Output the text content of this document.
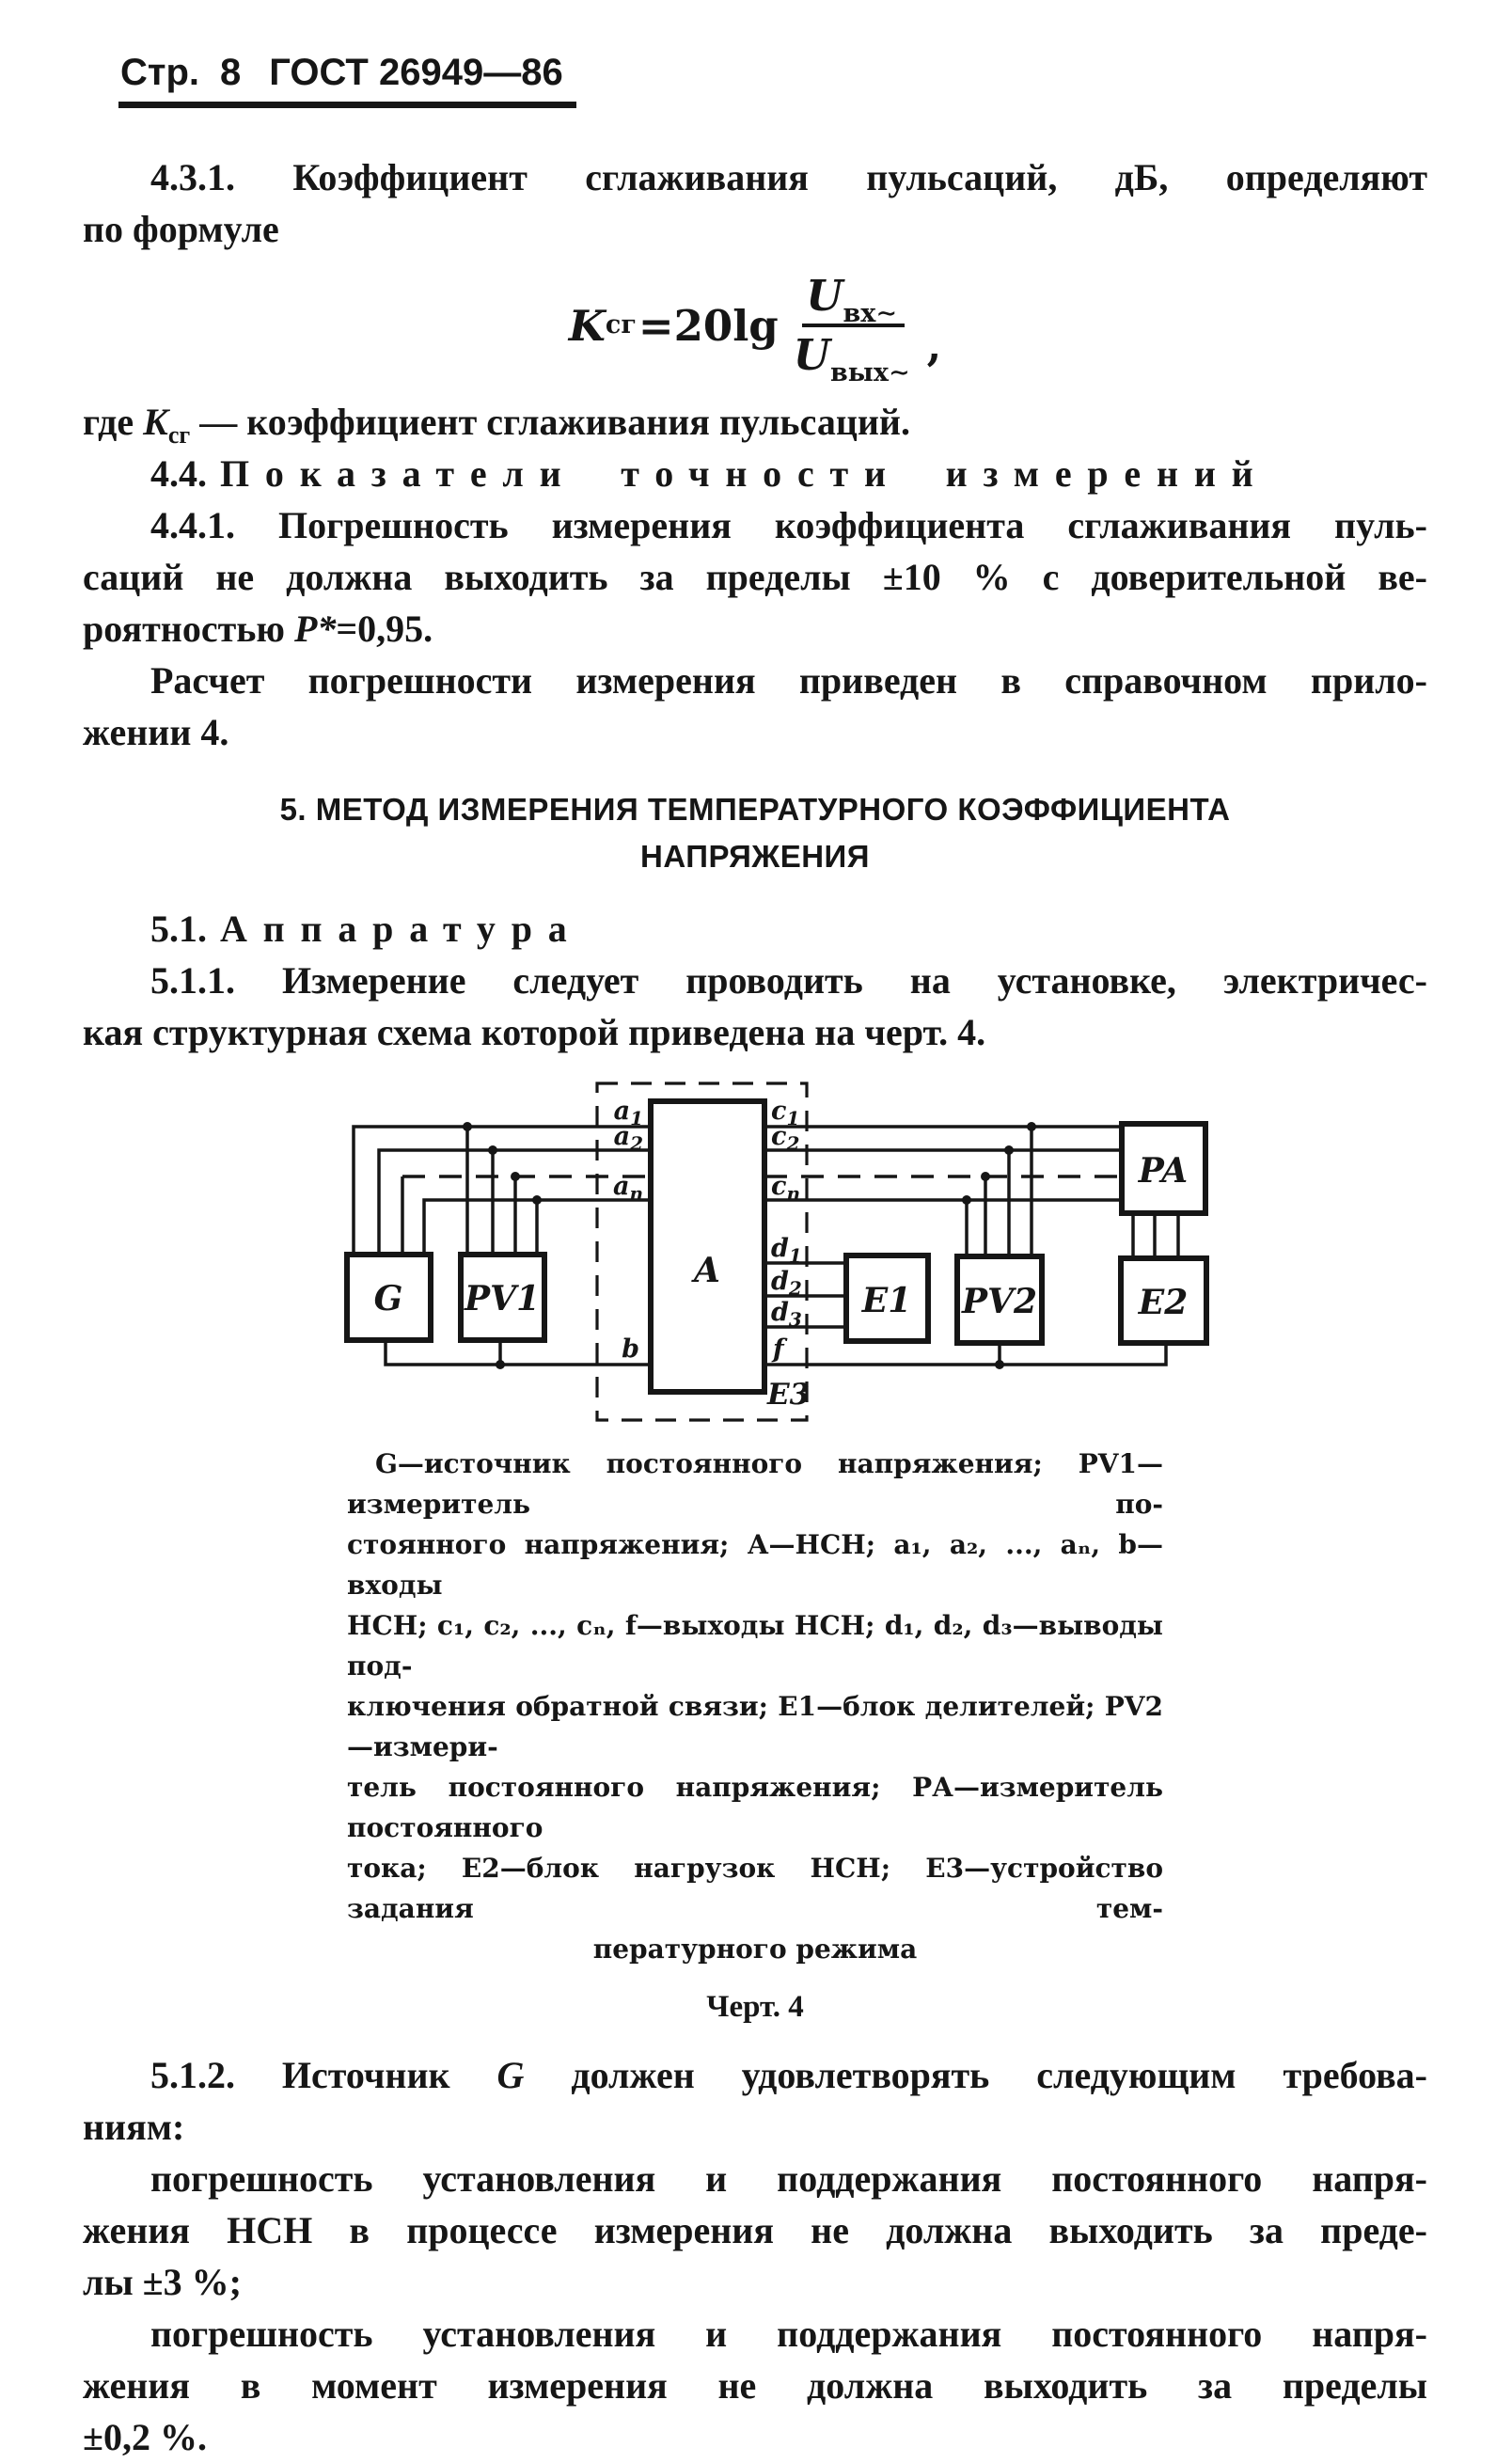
Стр. 8 ГОСТ 26949—86
4.3.1. Коэффициент сглаживания пульсаций, дБ, определяют
по формуле
K сг $=20\lg \frac{U_{вх\sim}}{U_{вых\sim}}$ ,
где $K_{сг}$ — коэффициент сглаживания пульсаций.
4.4. Показатели точности измерений
4.4.1. Погрешность измерения коэффициента сглаживания пуль-
саций не должна выходить за пределы ±10 % с доверительной ве-
роятностью P*=0,95.
Расчет погрешности измерения приведен в справочном прило-
жении 4.
5. МЕТОД ИЗМЕРЕНИЯ ТЕМПЕРАТУРНОГО КОЭФФИЦИЕНТА
НАПРЯЖЕНИЯ
5.1. Аппаратура
5.1.1. Измерение следует проводить на установке, электричес-
кая структурная схема которой приведена на черт. 4.
G PV1
A
E1 PV2	E2
PA
$a_1$
$a_2$
$a_n$
b
$c_1$
$c_2$
$c_n$
$d_1$
$d_2$
$d_3$
f
E3
G—источник постоянного напряжения; PV1—измеритель по-
стоянного напряжения; А—НСН; a₁, a₂, ..., aₙ, b—входы
НСН; c₁, c₂, ..., cₙ, f—выходы НСН; d₁, d₂, d₃—выводы под-
ключения обратной связи; Е1—блок делителей; PV2—измери-
тель постоянного напряжения; РА—измеритель постоянного
тока; Е2—блок нагрузок НСН; Е3—устройство задания тем-
пературного режима
Черт. 4
5.1.2. Источник G должен удовлетворять следующим требова-
ниям:
погрешность установления и поддержания постоянного напря-
жения НСН в процессе измерения не должна выходить за преде-
лы ±3 %;
погрешность установления и поддержания постоянного напря-
жения в момент измерения не должна выходить за пределы
±0,2 %.
